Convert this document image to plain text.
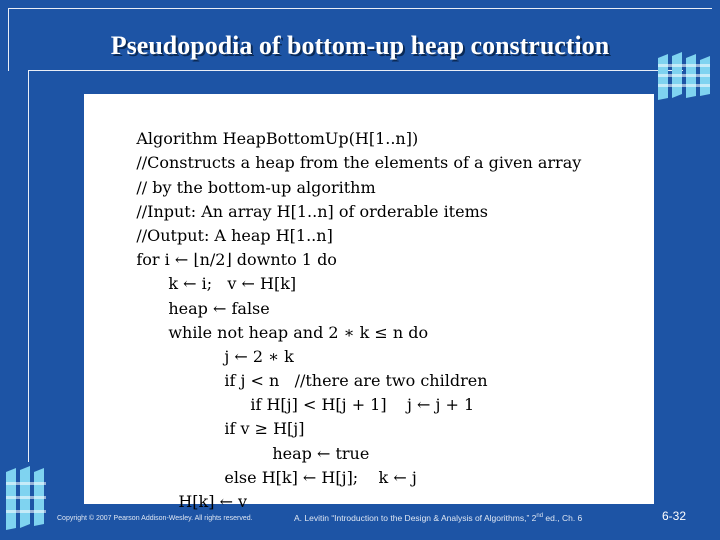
Pseudopodia of bottom-up heap construction

Algorithm HeapBottomUp(H[1..n])

//Constructs a heap from the elements of a given array

// by the bottom-up algorithm

//Input: An array H[1..n] of orderable items

//Output: A heap H[1..n]

for i ← ⌊n/2⌋ downto 1 do

k ← i;   v ← H[k]

heap ← false

while not heap and 2 ∗ k ≤ n do

j ← 2 ∗ k

if j < n   //there are two children

if H[j] < H[j + 1]    j ← j + 1

if v ≥ H[j]

heap ← true

else H[k] ← H[j];    k ← j

H[k] ← v

Copyright © 2007 Pearson Addison-Wesley. All rights reserved.	A. Levitin “Introduction to the Design & Analysis of Algorithms,” 2nd ed., Ch. 6	6-32
